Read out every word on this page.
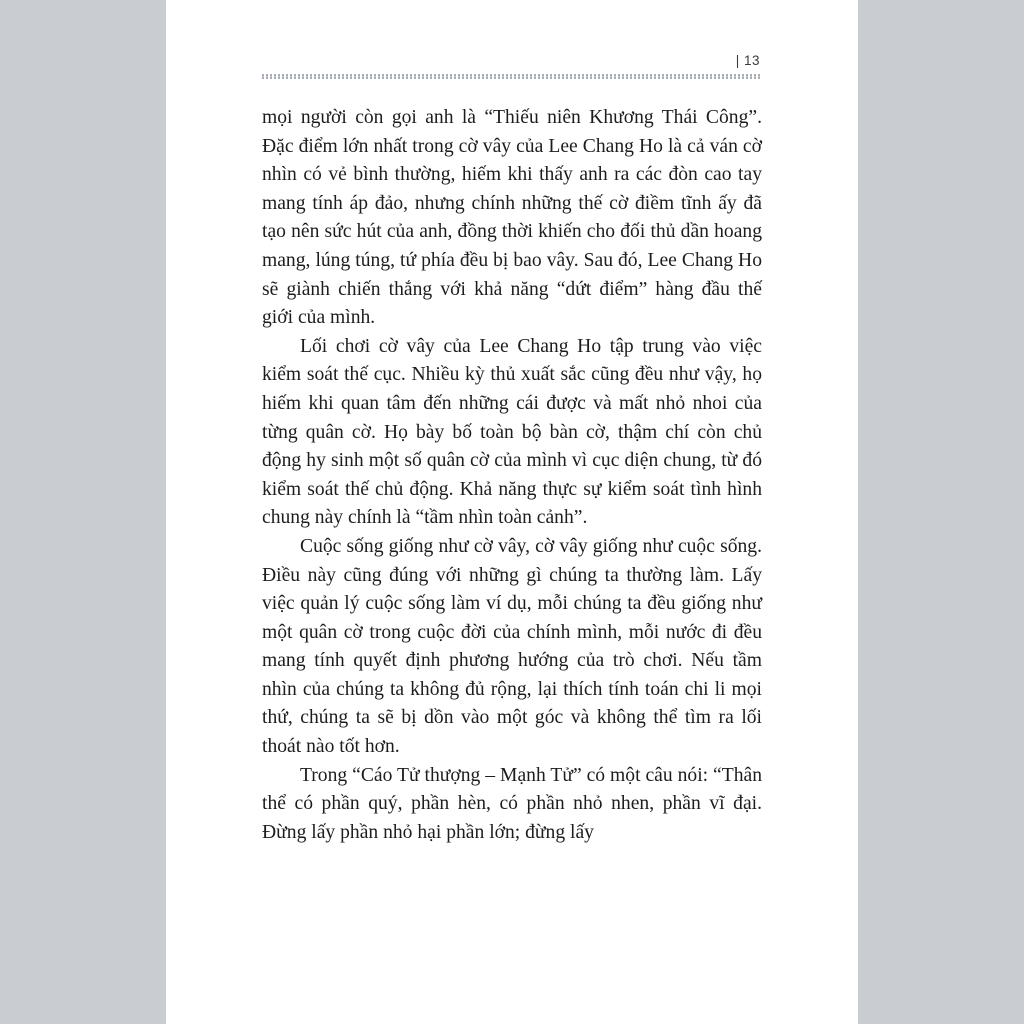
| 13

mọi người còn gọi anh là “Thiếu niên Khương Thái Công”. Đặc điểm lớn nhất trong cờ vây của Lee Chang Ho là cả ván cờ nhìn có vẻ bình thường, hiếm khi thấy anh ra các đòn cao tay mang tính áp đảo, nhưng chính những thế cờ điềm tĩnh ấy đã tạo nên sức hút của anh, đồng thời khiến cho đối thủ dần hoang mang, lúng túng, tứ phía đều bị bao vây. Sau đó, Lee Chang Ho sẽ giành chiến thắng với khả năng “dứt điểm” hàng đầu thế giới của mình.

Lối chơi cờ vây của Lee Chang Ho tập trung vào việc kiểm soát thế cục. Nhiều kỳ thủ xuất sắc cũng đều như vậy, họ hiếm khi quan tâm đến những cái được và mất nhỏ nhoi của từng quân cờ. Họ bày bố toàn bộ bàn cờ, thậm chí còn chủ động hy sinh một số quân cờ của mình vì cục diện chung, từ đó kiểm soát thế chủ động. Khả năng thực sự kiểm soát tình hình chung này chính là “tầm nhìn toàn cảnh”.

Cuộc sống giống như cờ vây, cờ vây giống như cuộc sống. Điều này cũng đúng với những gì chúng ta thường làm. Lấy việc quản lý cuộc sống làm ví dụ, mỗi chúng ta đều giống như một quân cờ trong cuộc đời của chính mình, mỗi nước đi đều mang tính quyết định phương hướng của trò chơi. Nếu tầm nhìn của chúng ta không đủ rộng, lại thích tính toán chi li mọi thứ, chúng ta sẽ bị dồn vào một góc và không thể tìm ra lối thoát nào tốt hơn.

Trong “Cáo Tử thượng – Mạnh Tử” có một câu nói: “Thân thể có phần quý, phần hèn, có phần nhỏ nhen, phần vĩ đại. Đừng lấy phần nhỏ hại phần lớn; đừng lấy
